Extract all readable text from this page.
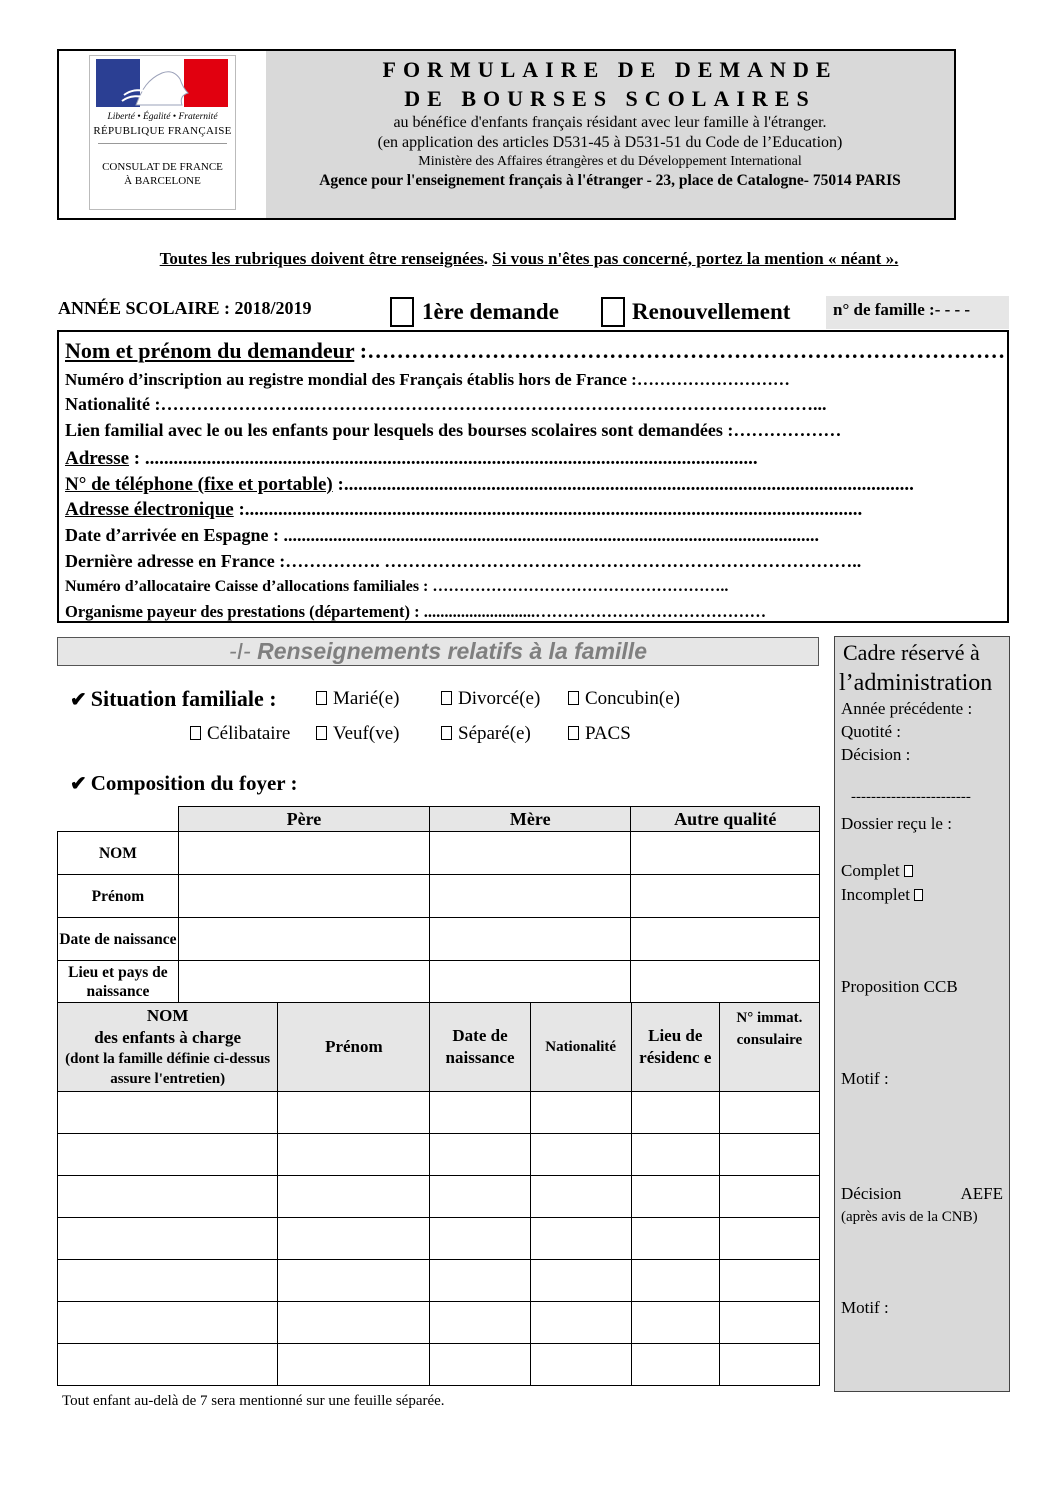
Liberté • Égalité • Fraternité
RÉPUBLIQUE FRANÇAISE
CONSULAT DE FRANCE
À BARCELONE
FORMULAIRE DE DEMANDE
DE BOURSES SCOLAIRES
au bénéfice d'enfants français résidant avec leur famille à l'étranger.
(en application des articles D531-45 à D531-51 du Code de l’Education)
Ministère des Affaires étrangères et du Développement International
Agence pour l'enseignement français à l'étranger - 23, place de Catalogne- 75014 PARIS
Toutes les rubriques doivent être renseignées. Si vous n'êtes pas concerné, portez la mention « néant ».
ANNÉE SCOLAIRE : 2018/2019	1ère demande	Renouvellement	n° de famille :- - - -
Nom et prénom du demandeur :……………………………………………………………………………
Numéro d’inscription au registre mondial des Français établis hors de France :………………………
Nationalité :…………………….…………………………………………………………………………...
Lien familial avec le ou les enfants pour lesquels des bourses scolaires sont demandées :………………
Adresse : .................................................................................................................................
N° de téléphone (fixe et portable) :........................................................................................................................
Adresse électronique :..................................................................................................................................
Date d’arrivée en Espagne : .......................................................................................................................
Dernière adresse en France :……………. ……………………………………………………………………..
Numéro d’allocataire Caisse d’allocations familiales : ………………………………………………..
Organisme payeur des prestations (département) : ...........................……………………………………
-I- Renseignements relatifs à la famille
✔ Situation familiale :	Marié(e)	Divorcé(e)	Concubin(e)
Célibataire	Veuf(ve)	Séparé(e)	PACS
✔ Composition du foyer :
	Père	Mère	Autre qualité
NOM			
Prénom			
Date de naissance			
Lieu et pays de naissance			
NOM
des enfants à charge
(dont la famille définie ci-dessus assure l'entretien)	Prénom	Date de naissance	Nationalité	Lieu de résidenc e	N° immat. consulaire

Tout enfant au-delà de 7 sera mentionné sur une feuille séparée.
Cadre réservé à
l’administration
Année précédente :
Quotité :
Décision :
------------------------
Dossier reçu le :
Complet
Incomplet
Proposition CCB
Motif :
Décision	AEFE
(après avis de la CNB)
Motif :
